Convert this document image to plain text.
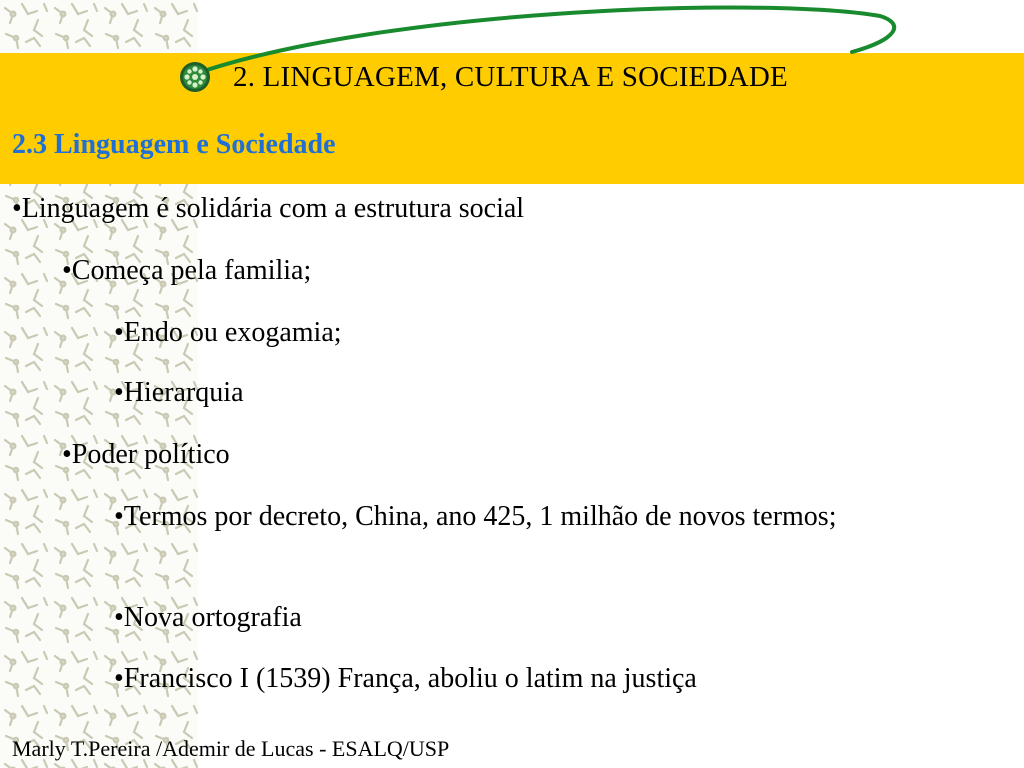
2. LINGUAGEM, CULTURA E SOCIEDADE
2.3 Linguagem e Sociedade
•Linguagem é solidária com a estrutura social
•Começa pela familia;
•Endo ou exogamia;
•Hierarquia
•Poder político
•Termos por decreto, China, ano 425, 1 milhão de novos termos;
•Nova ortografia
•Francisco I (1539) França, aboliu o latim na justiça
Marly T.Pereira /Ademir de Lucas - ESALQ/USP
